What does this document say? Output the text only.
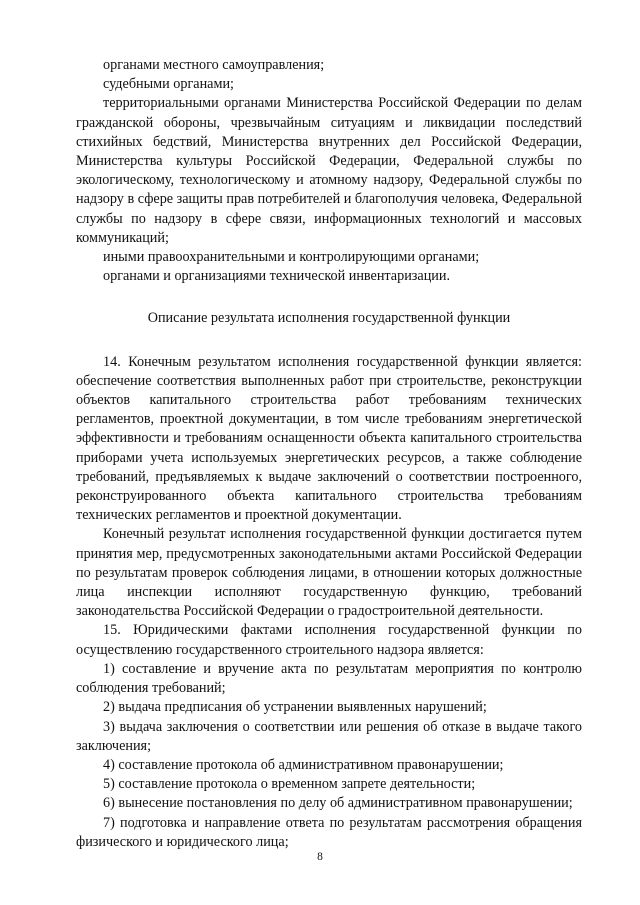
органами местного самоуправления;

судебными органами;

территориальными органами Министерства Российской Федерации по делам гражданской обороны, чрезвычайным ситуациям и ликвидации последствий стихийных бедствий, Министерства внутренних дел Российской Федерации, Министерства культуры Российской Федерации, Федеральной службы по экологическому, технологическому и атомному надзору, Федеральной службы по надзору в сфере защиты прав потребителей и благополучия человека, Федеральной службы по надзору в сфере связи, информационных технологий и массовых коммуникаций;

иными правоохранительными и контролирующими органами;

органами и организациями технической инвентаризации.

Описание результата исполнения государственной функции

14. Конечным результатом исполнения государственной функции является: обеспечение соответствия выполненных работ при строительстве, реконструкции объектов капитального строительства работ требованиям технических регламентов, проектной документации, в том числе требованиям энергетической эффективности и требованиям оснащенности объекта капитального строительства приборами учета используемых энергетических ресурсов, а также соблюдение требований, предъявляемых к выдаче заключений о соответствии построенного, реконструированного объекта капитального строительства требованиям технических регламентов и проектной документации.

Конечный результат исполнения государственной функции достигается путем принятия мер, предусмотренных законодательными актами Российской Федерации по результатам проверок соблюдения лицами, в отношении которых должностные лица инспекции исполняют государственную функцию, требований законодательства Российской Федерации о градостроительной деятельности.

15. Юридическими фактами исполнения государственной функции по осуществлению государственного строительного надзора является:

1) составление и вручение акта по результатам мероприятия по контролю соблюдения требований;

2) выдача предписания об устранении выявленных нарушений;

3) выдача заключения о соответствии или решения об отказе в выдаче такого заключения;

4) составление протокола об административном правонарушении;

5) составление протокола о временном запрете деятельности;

6) вынесение постановления по делу об административном правонарушении;

7) подготовка и направление ответа по результатам рассмотрения обращения физического и юридического лица;

8
